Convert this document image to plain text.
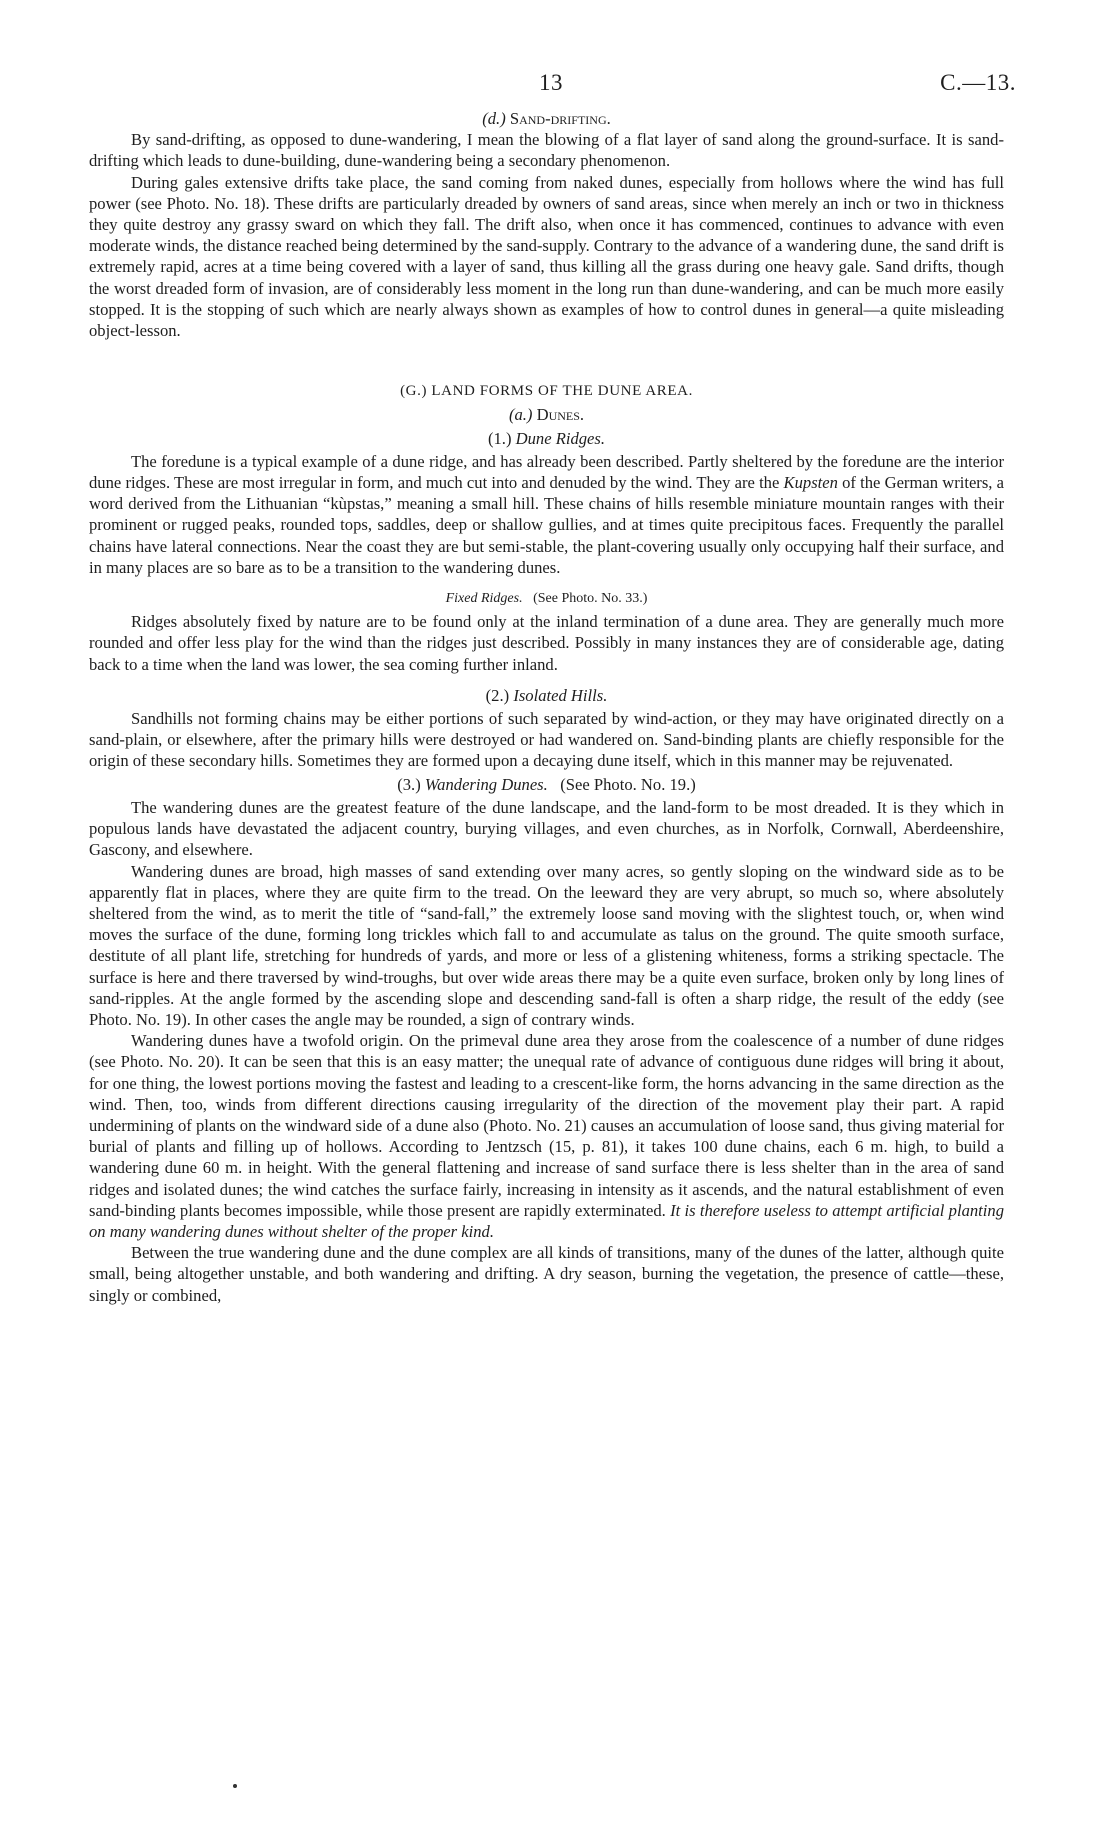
13	C.—13.
(d.) Sand-drifting.

By sand-drifting, as opposed to dune-wandering, I mean the blowing of a flat layer of sand along the ground-surface. It is sand-drifting which leads to dune-building, dune-wandering being a secondary phenomenon.

During gales extensive drifts take place, the sand coming from naked dunes, especially from hollows where the wind has full power (see Photo. No. 18). These drifts are particularly dreaded by owners of sand areas, since when merely an inch or two in thickness they quite destroy any grassy sward on which they fall. The drift also, when once it has commenced, continues to advance with even moderate winds, the distance reached being determined by the sand-supply. Contrary to the advance of a wandering dune, the sand drift is extremely rapid, acres at a time being covered with a layer of sand, thus killing all the grass during one heavy gale. Sand drifts, though the worst dreaded form of invasion, are of considerably less moment in the long run than dune-wandering, and can be much more easily stopped. It is the stopping of such which are nearly always shown as examples of how to control dunes in general—a quite misleading object-lesson.

(G.) LAND FORMS OF THE DUNE AREA.
(a.) Dunes.
(1.) Dune Ridges.

The foredune is a typical example of a dune ridge, and has already been described. Partly sheltered by the foredune are the interior dune ridges. These are most irregular in form, and much cut into and denuded by the wind. They are the Kupsten of the German writers, a word derived from the Lithuanian “kùpstas,” meaning a small hill. These chains of hills resemble miniature mountain ranges with their prominent or rugged peaks, rounded tops, saddles, deep or shallow gullies, and at times quite precipitous faces. Frequently the parallel chains have lateral connections. Near the coast they are but semi-stable, the plant-covering usually only occupying half their surface, and in many places are so bare as to be a transition to the wandering dunes.

Fixed Ridges. (See Photo. No. 33.)

Ridges absolutely fixed by nature are to be found only at the inland termination of a dune area. They are generally much more rounded and offer less play for the wind than the ridges just described. Possibly in many instances they are of considerable age, dating back to a time when the land was lower, the sea coming further inland.

(2.) Isolated Hills.

Sandhills not forming chains may be either portions of such separated by wind-action, or they may have originated directly on a sand-plain, or elsewhere, after the primary hills were destroyed or had wandered on. Sand-binding plants are chiefly responsible for the origin of these secondary hills. Sometimes they are formed upon a decaying dune itself, which in this manner may be rejuvenated.

(3.) Wandering Dunes. (See Photo. No. 19.)

The wandering dunes are the greatest feature of the dune landscape, and the land-form to be most dreaded. It is they which in populous lands have devastated the adjacent country, burying villages, and even churches, as in Norfolk, Cornwall, Aberdeenshire, Gascony, and elsewhere.

Wandering dunes are broad, high masses of sand extending over many acres, so gently sloping on the windward side as to be apparently flat in places, where they are quite firm to the tread. On the leeward they are very abrupt, so much so, where absolutely sheltered from the wind, as to merit the title of “sand-fall,” the extremely loose sand moving with the slightest touch, or, when wind moves the surface of the dune, forming long trickles which fall to and accumulate as talus on the ground. The quite smooth surface, destitute of all plant life, stretching for hundreds of yards, and more or less of a glistening whiteness, forms a striking spectacle. The surface is here and there traversed by wind-troughs, but over wide areas there may be a quite even surface, broken only by long lines of sand-ripples. At the angle formed by the ascending slope and descending sand-fall is often a sharp ridge, the result of the eddy (see Photo. No. 19). In other cases the angle may be rounded, a sign of contrary winds.

Wandering dunes have a twofold origin. On the primeval dune area they arose from the coalescence of a number of dune ridges (see Photo. No. 20). It can be seen that this is an easy matter; the unequal rate of advance of contiguous dune ridges will bring it about, for one thing, the lowest portions moving the fastest and leading to a crescent-like form, the horns advancing in the same direction as the wind. Then, too, winds from different directions causing irregularity of the direction of the movement play their part. A rapid undermining of plants on the windward side of a dune also (Photo. No. 21) causes an accumulation of loose sand, thus giving material for burial of plants and filling up of hollows. According to Jentzsch (15, p. 81), it takes 100 dune chains, each 6 m. high, to build a wandering dune 60 m. in height. With the general flattening and increase of sand surface there is less shelter than in the area of sand ridges and isolated dunes; the wind catches the surface fairly, increasing in intensity as it ascends, and the natural establishment of even sand-binding plants becomes impossible, while those present are rapidly exterminated. It is therefore useless to attempt artificial planting on many wandering dunes without shelter of the proper kind.

Between the true wandering dune and the dune complex are all kinds of transitions, many of the dunes of the latter, although quite small, being altogether unstable, and both wandering and drifting. A dry season, burning the vegetation, the presence of cattle—these, singly or combined,
